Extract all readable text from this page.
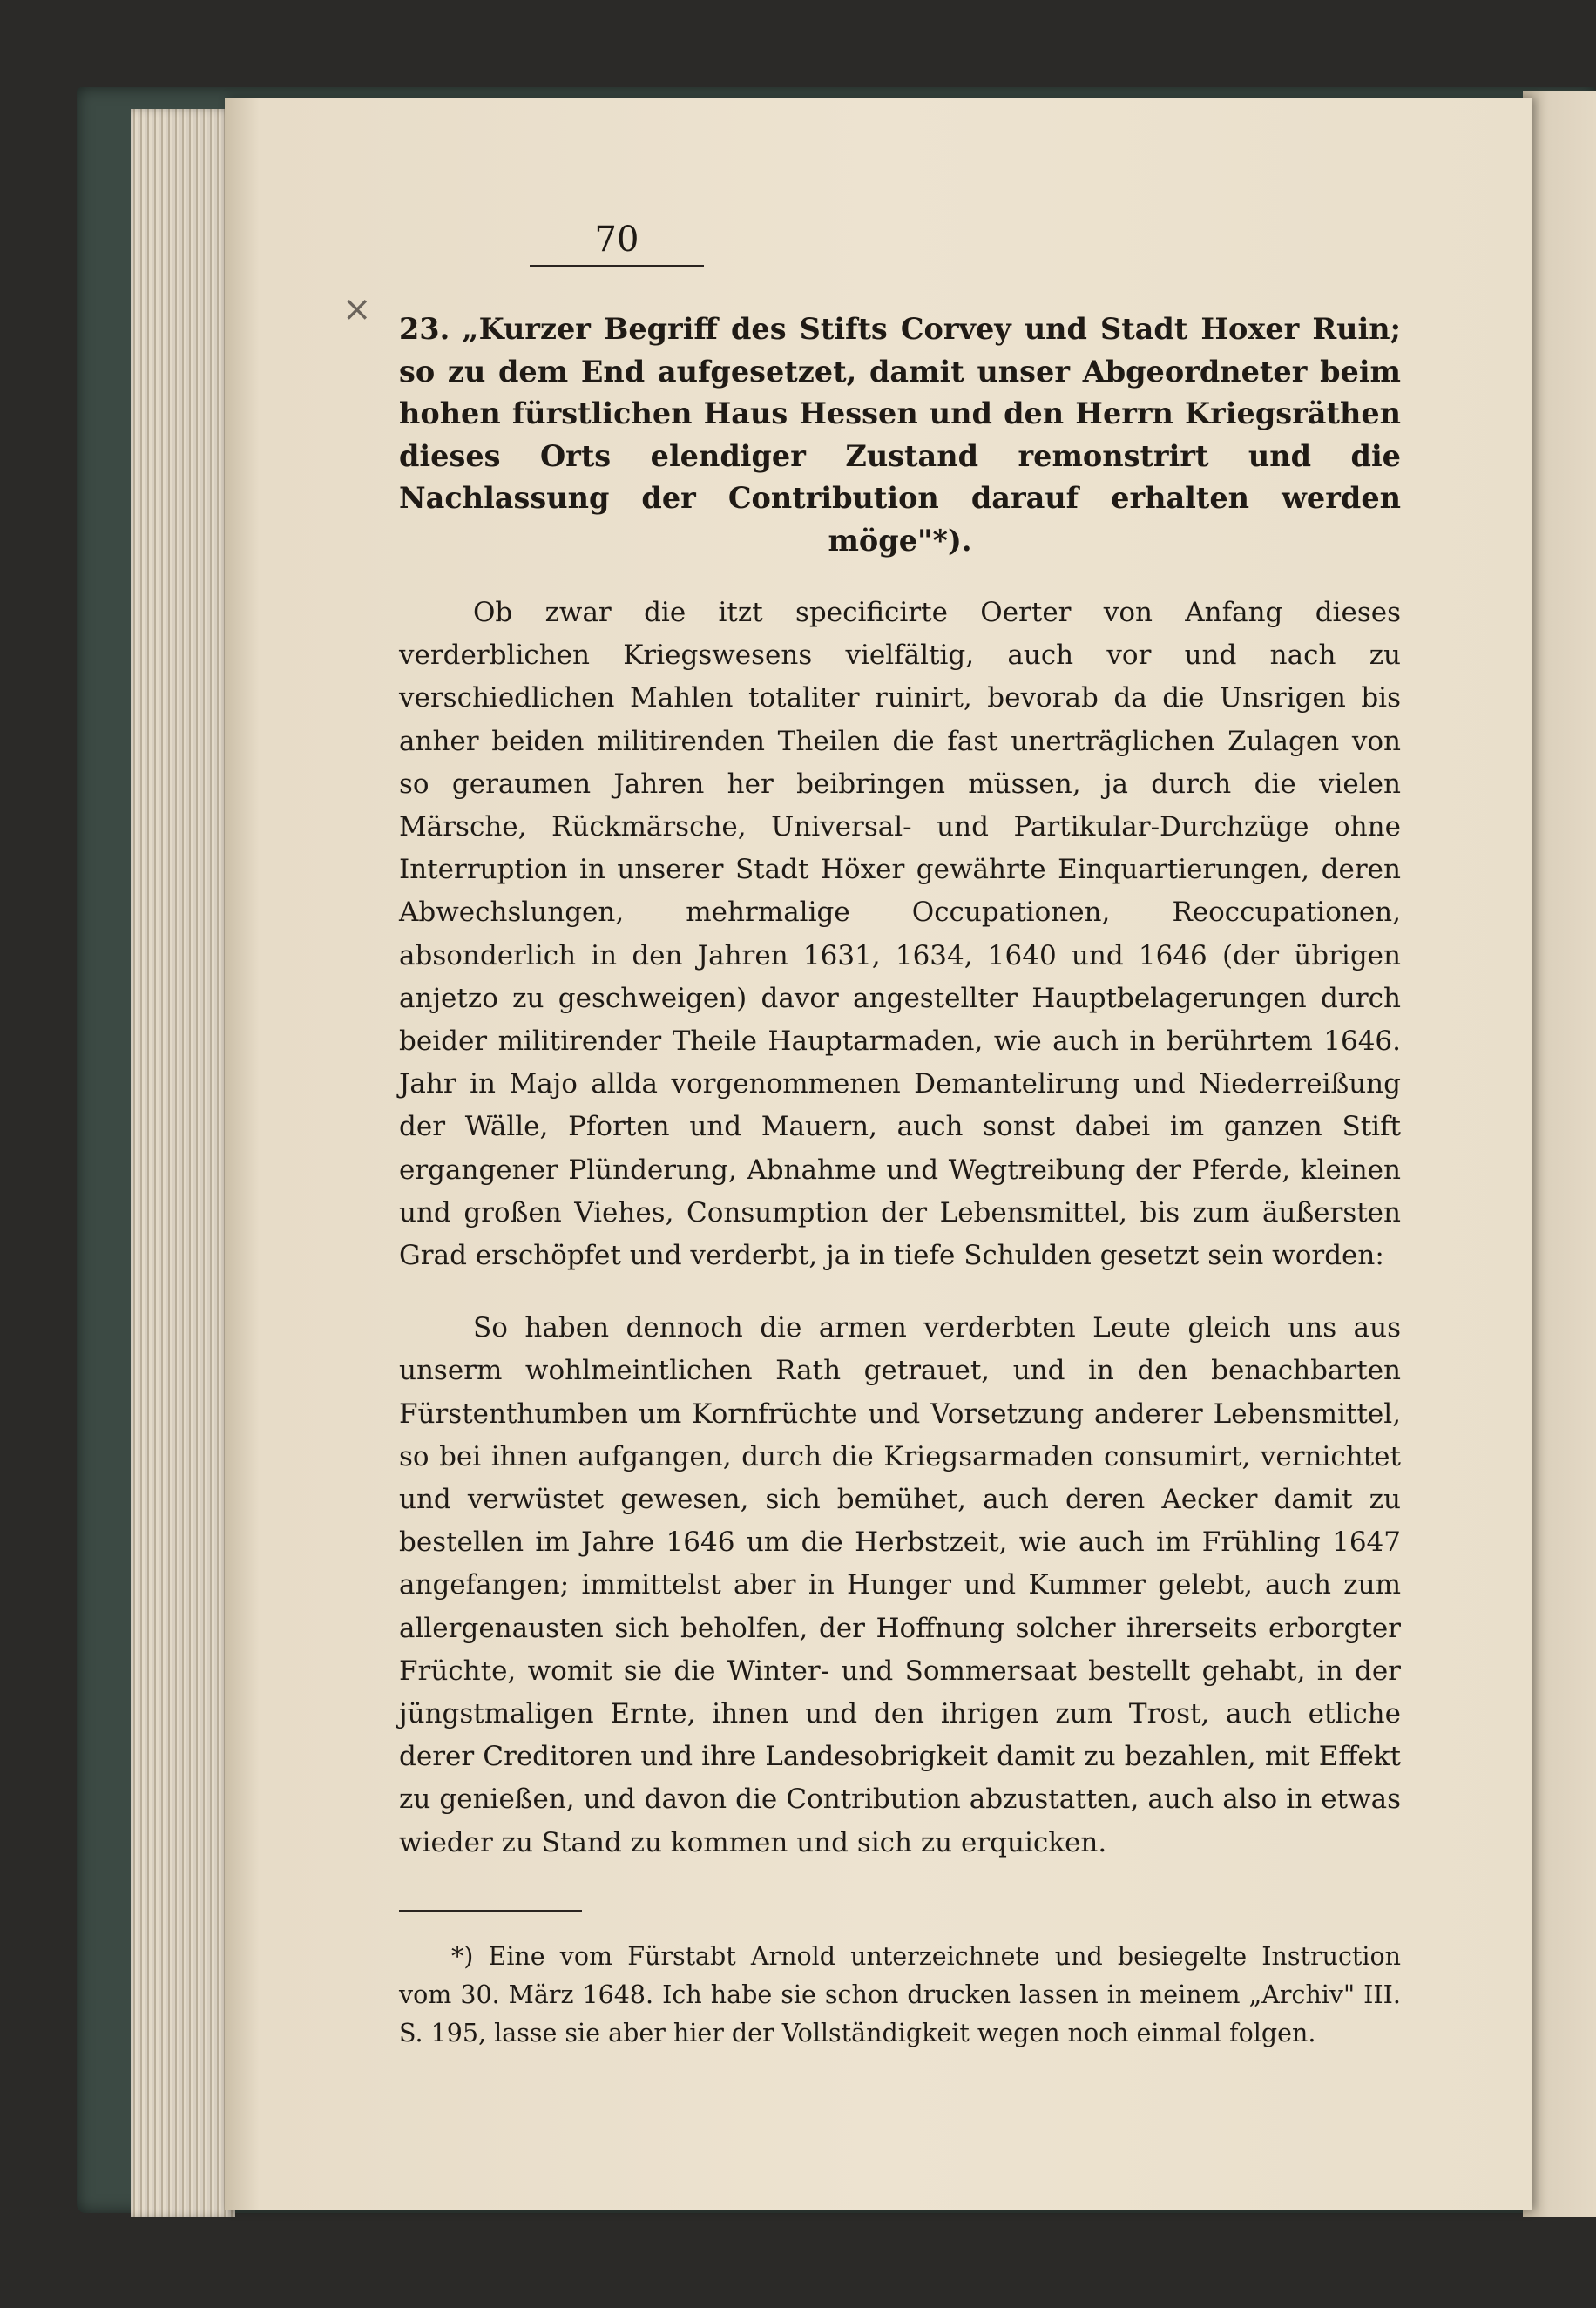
×
70
23. „Kurzer Begriff des Stifts Corvey und Stadt Hoxer Ruin; so zu dem End aufgesetzet, damit unser Abgeordneter beim hohen fürstlichen Haus Hessen und den Herrn Kriegsräthen dieses Orts elendiger Zustand remonstrirt und die Nachlassung der Contribution darauf erhalten werden möge"*).

Ob zwar die itzt specificirte Oerter von Anfang dieses verderblichen Kriegswesens vielfältig, auch vor und nach zu verschiedlichen Mahlen totaliter ruinirt, bevorab da die Unsrigen bis anher beiden militirenden Theilen die fast unerträglichen Zulagen von so geraumen Jahren her beibringen müssen, ja durch die vielen Märsche, Rückmärsche, Universal- und Partikular-Durchzüge ohne Interruption in unserer Stadt Höxer gewährte Einquartierungen, deren Abwechslungen, mehrmalige Occupationen, Reoccupationen, absonderlich in den Jahren 1631, 1634, 1640 und 1646 (der übrigen anjetzo zu geschweigen) davor angestellter Hauptbelagerungen durch beider militirender Theile Hauptarmaden, wie auch in berührtem 1646. Jahr in Majo allda vorgenommenen Demantelirung und Niederreißung der Wälle, Pforten und Mauern, auch sonst dabei im ganzen Stift ergangener Plünderung, Abnahme und Wegtreibung der Pferde, kleinen und großen Viehes, Consumption der Lebensmittel, bis zum äußersten Grad erschöpfet und verderbt, ja in tiefe Schulden gesetzt sein worden:

So haben dennoch die armen verderbten Leute gleich uns aus unserm wohlmeintlichen Rath getrauet, und in den benachbarten Fürstenthumben um Kornfrüchte und Vorsetzung anderer Lebensmittel, so bei ihnen aufgangen, durch die Kriegsarmaden consumirt, vernichtet und verwüstet gewesen, sich bemühet, auch deren Aecker damit zu bestellen im Jahre 1646 um die Herbstzeit, wie auch im Frühling 1647 angefangen; immittelst aber in Hunger und Kummer gelebt, auch zum allergenausten sich beholfen, der Hoffnung solcher ihrerseits erborgter Früchte, womit sie die Winter- und Sommersaat bestellt gehabt, in der jüngstmaligen Ernte, ihnen und den ihrigen zum Trost, auch etliche derer Creditoren und ihre Landesobrigkeit damit zu bezahlen, mit Effekt zu genießen, und davon die Contribution abzustatten, auch also in etwas wieder zu Stand zu kommen und sich zu erquicken.

*) Eine vom Fürstabt Arnold unterzeichnete und besiegelte Instruction vom 30. März 1648. Ich habe sie schon drucken lassen in meinem „Archiv" III. S. 195, lasse sie aber hier der Vollständigkeit wegen noch einmal folgen.
